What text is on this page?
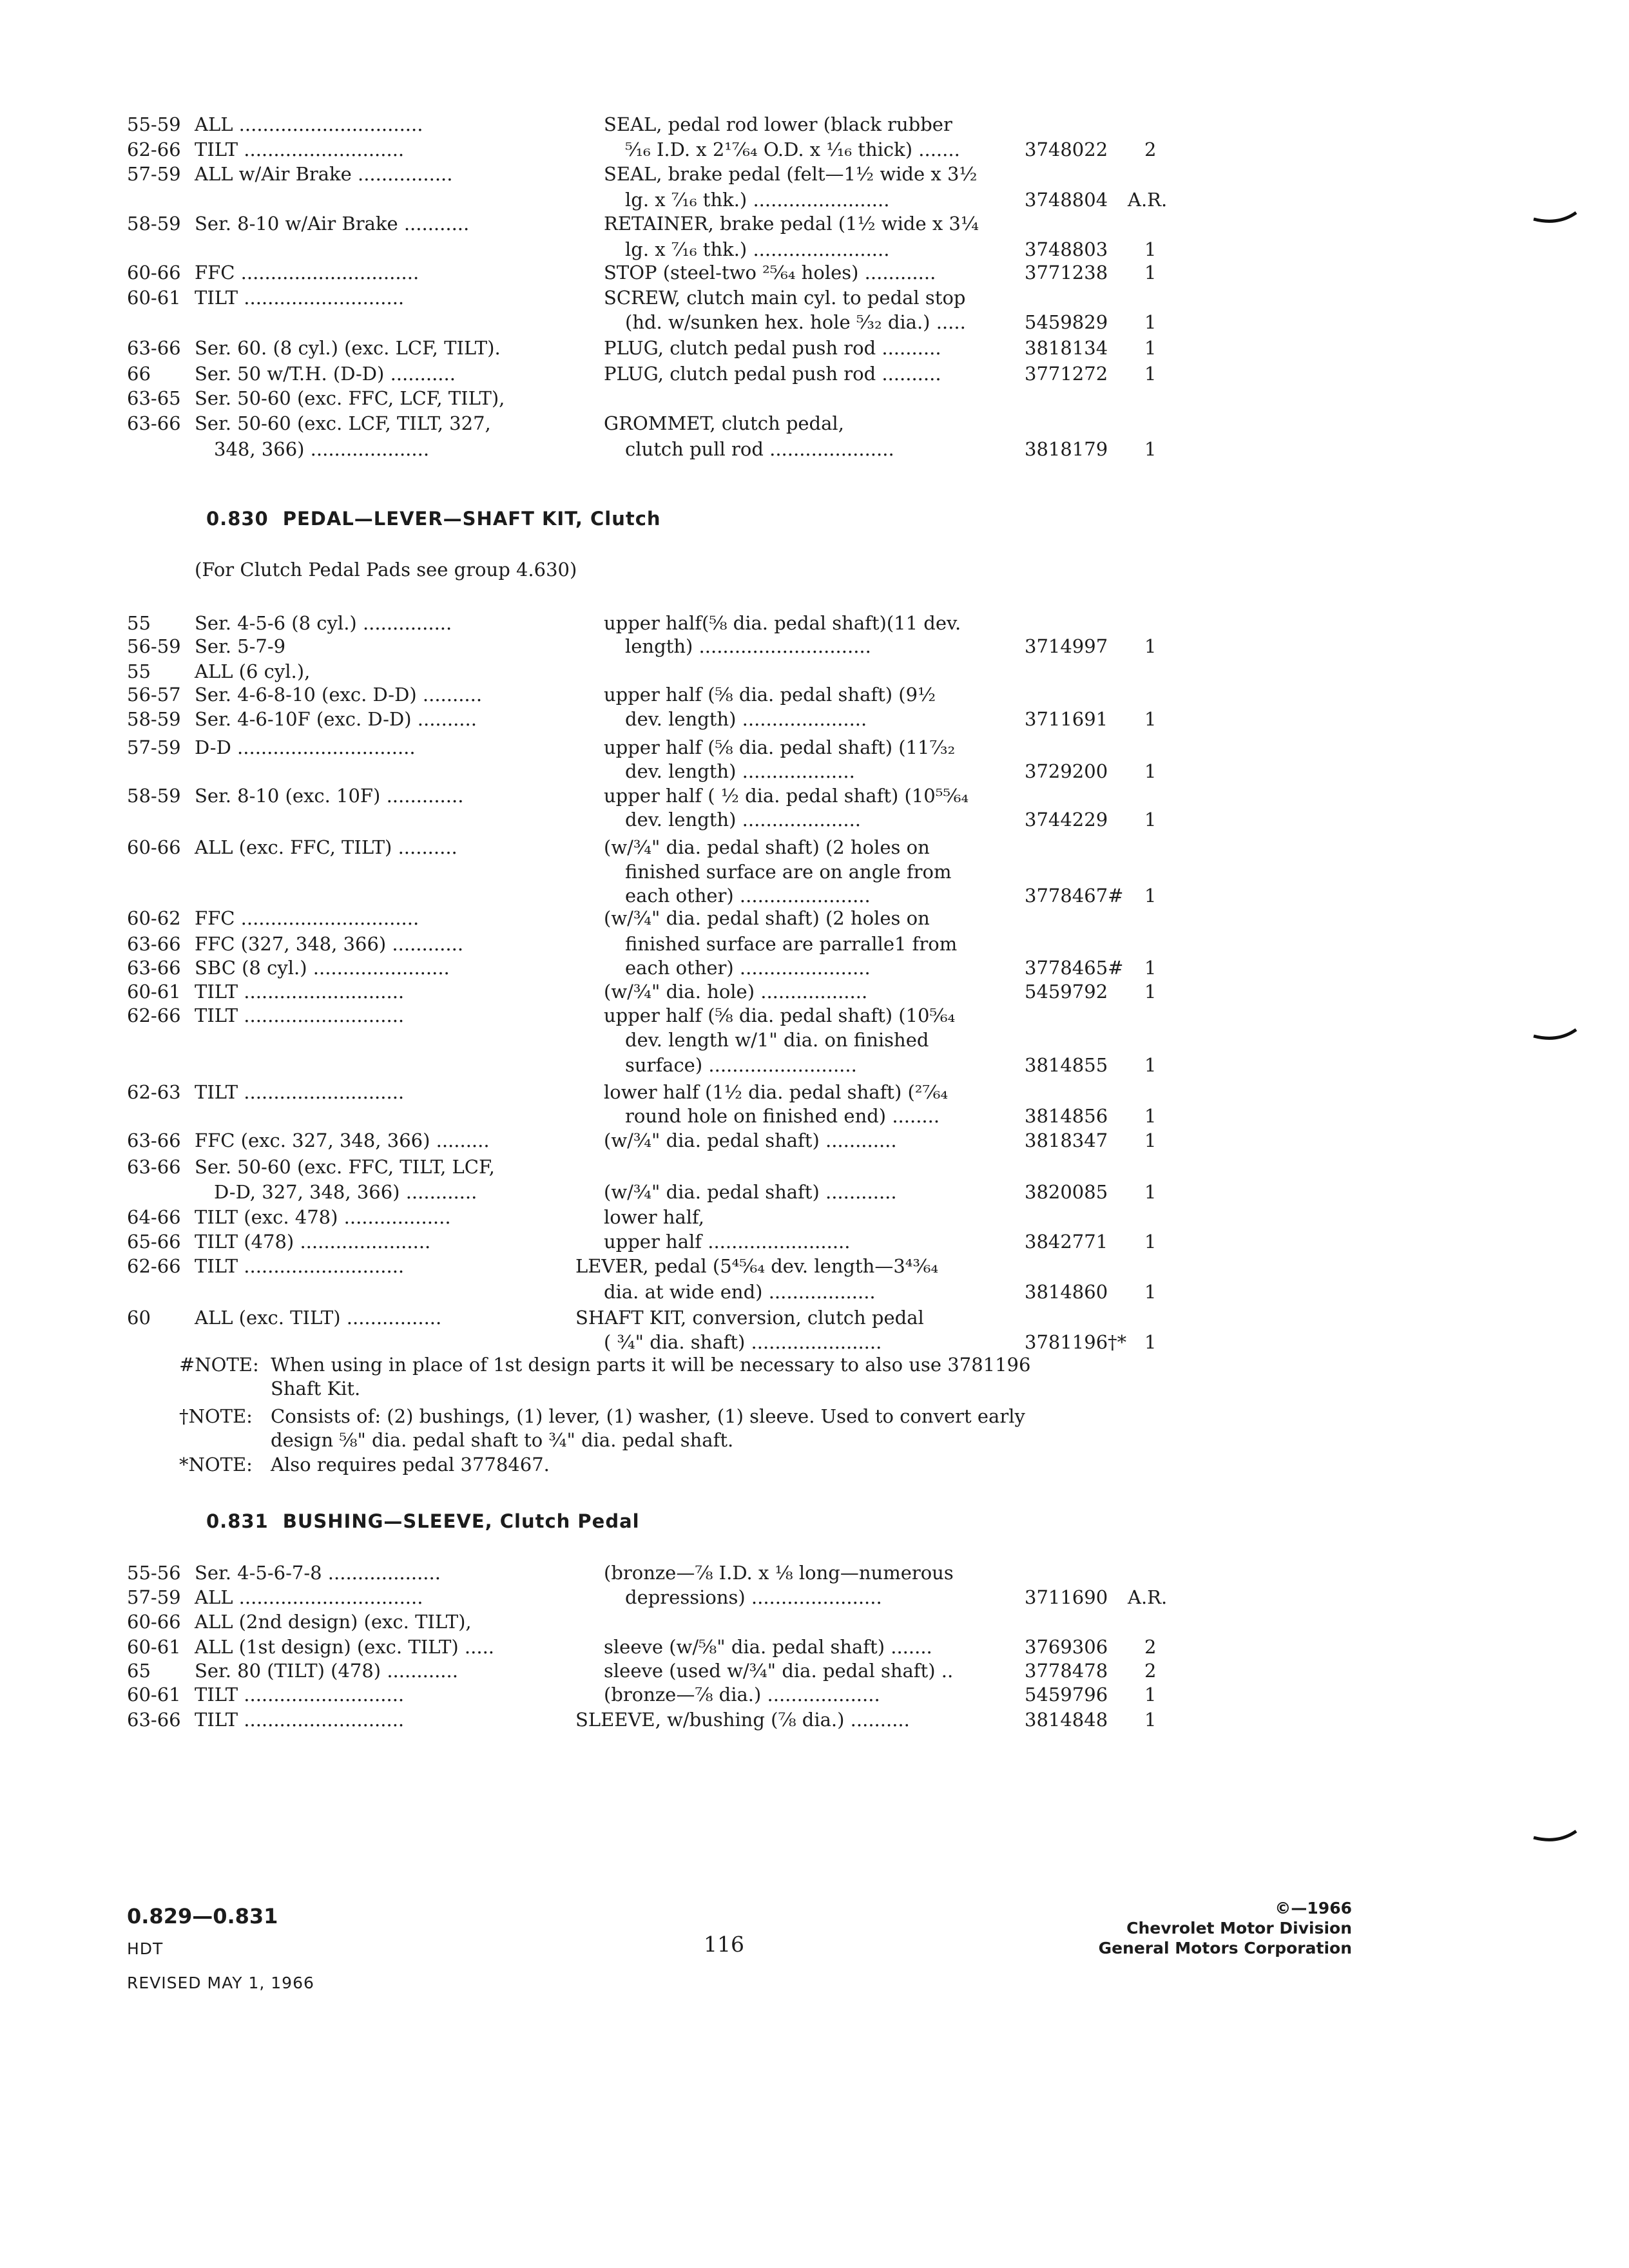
55-59 ALL ...............................	SEAL, pedal rod lower (black rubber
62-66 TILT ...........................	⁵⁄₁₆ I.D. x 2¹⁷⁄₆₄ O.D. x ¹⁄₁₆ thick) .......	3748022 2
57-59 ALL w/Air Brake ................	SEAL, brake pedal (felt—1½ wide x 3½
lg. x ⁷⁄₁₆ thk.) .......................	3748804 A.R.
58-59 Ser. 8-10 w/Air Brake ...........	RETAINER, brake pedal (1½ wide x 3¼
lg. x ⁷⁄₁₆ thk.) .......................	3748803 1
60-66 FFC ..............................	STOP (steel-two ²⁵⁄₆₄ holes) ............	3771238 1
60-61 TILT ...........................	SCREW, clutch main cyl. to pedal stop
(hd. w/sunken hex. hole ⁵⁄₃₂ dia.) .....	5459829 1
63-66 Ser. 60. (8 cyl.) (exc. LCF, TILT).	PLUG, clutch pedal push rod ..........	3818134 1
66 Ser. 50 w/T.H. (D-D) ...........	PLUG, clutch pedal push rod ..........	3771272 1
63-65 Ser. 50-60 (exc. FFC, LCF, TILT),
63-66 Ser. 50-60 (exc. LCF, TILT, 327,	GROMMET, clutch pedal,
348, 366) ....................	clutch pull rod .....................	3818179 1
0.830 PEDAL—LEVER—SHAFT KIT, Clutch
(For Clutch Pedal Pads see group 4.630)
55 Ser. 4-5-6 (8 cyl.) ...............	upper half(⅝ dia. pedal shaft)(11 dev.
56-59 Ser. 5-7-9	length) .............................	3714997 1
55 ALL (6 cyl.),
56-57 Ser. 4-6-8-10 (exc. D-D) ..........	upper half (⅝ dia. pedal shaft) (9½
58-59 Ser. 4-6-10F (exc. D-D) ..........	dev. length) .....................	3711691 1
57-59 D-D ..............................	upper half (⅝ dia. pedal shaft) (11⁷⁄₃₂
dev. length) ...................	3729200 1
58-59 Ser. 8-10 (exc. 10F) .............	upper half ( ½ dia. pedal shaft) (10⁵⁵⁄₆₄
dev. length) ....................	3744229 1
60-66 ALL (exc. FFC, TILT) ..........	(w/¾" dia. pedal shaft) (2 holes on
finished surface are on angle from
each other) ......................	3778467# 1
60-62 FFC ..............................	(w/¾" dia. pedal shaft) (2 holes on
63-66 FFC (327, 348, 366) ............	finished surface are parralle1 from
63-66 SBC (8 cyl.) .......................	each other) ......................	3778465# 1
60-61 TILT ...........................	(w/¾" dia. hole) ..................	5459792 1
62-66 TILT ...........................	upper half (⅝ dia. pedal shaft) (10⁵⁄₆₄
dev. length w/1" dia. on finished
surface) .........................	3814855 1
62-63 TILT ...........................	lower half (1½ dia. pedal shaft) (²⁷⁄₆₄
round hole on finished end) ........	3814856 1
63-66 FFC (exc. 327, 348, 366) .........	(w/¾" dia. pedal shaft) ............	3818347 1
63-66 Ser. 50-60 (exc. FFC, TILT, LCF,
D-D, 327, 348, 366) ............	(w/¾" dia. pedal shaft) ............	3820085 1
64-66 TILT (exc. 478) ..................	lower half,
65-66 TILT (478) ......................	upper half ........................	3842771 1
62-66 TILT ...........................	LEVER, pedal (5⁴⁵⁄₆₄ dev. length—3⁴³⁄₆₄
dia. at wide end) ..................	3814860 1
60 ALL (exc. TILT) ................	SHAFT KIT, conversion, clutch pedal
( ¾" dia. shaft) ......................	3781196†* 1
#NOTE: When using in place of 1st design parts it will be necessary to also use 3781196
Shaft Kit.
†NOTE: Consists of: (2) bushings, (1) lever, (1) washer, (1) sleeve. Used to convert early
design ⅝" dia. pedal shaft to ¾" dia. pedal shaft.
*NOTE: Also requires pedal 3778467.
0.831 BUSHING—SLEEVE, Clutch Pedal
55-56 Ser. 4-5-6-7-8 ...................	(bronze—⅞ I.D. x ⅛ long—numerous
57-59 ALL ...............................	depressions) ......................	3711690 A.R.
60-66 ALL (2nd design) (exc. TILT),
60-61 ALL (1st design) (exc. TILT) .....	sleeve (w/⅝" dia. pedal shaft) .......	3769306 2
65 Ser. 80 (TILT) (478) ............	sleeve (used w/¾" dia. pedal shaft) ..	3778478 2
60-61 TILT ...........................	(bronze—⅞ dia.) ...................	5459796 1
63-66 TILT ...........................	SLEEVE, w/bushing (⅞ dia.) ..........	3814848 1
0.829—0.831
HDT
REVISED MAY 1, 1966
116
©—1966
Chevrolet Motor Division
General Motors Corporation
